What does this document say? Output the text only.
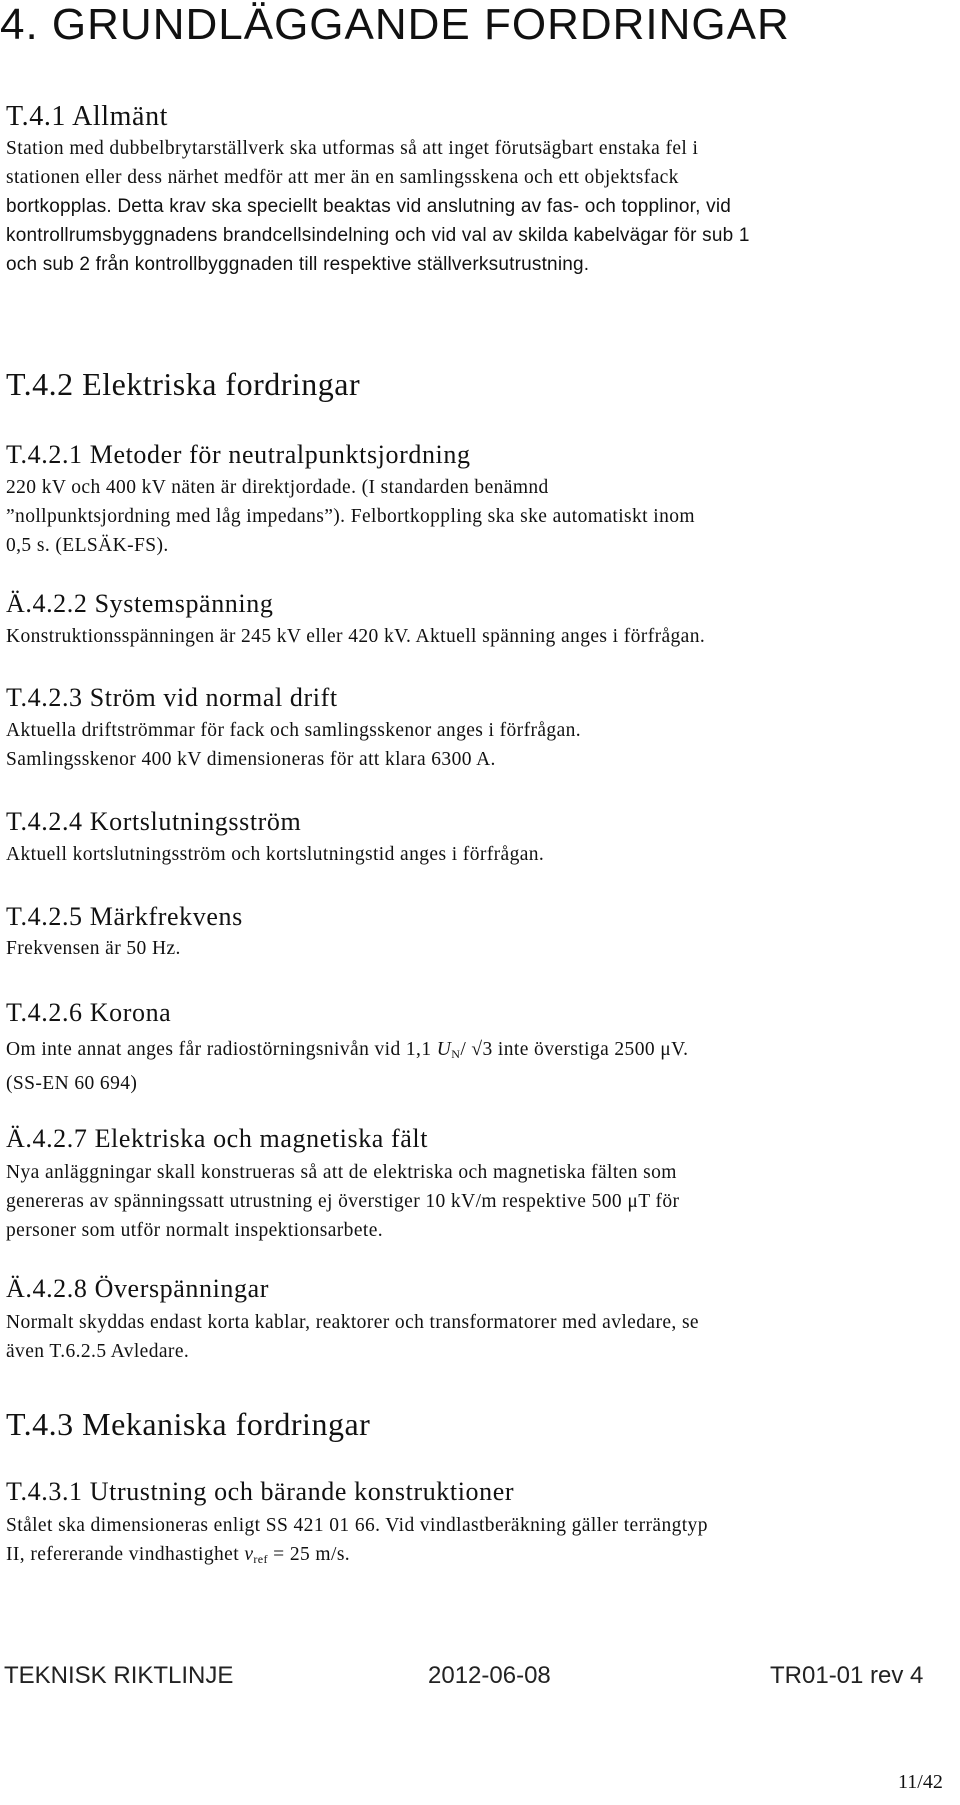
4. GRUNDLÄGGANDE FORDRINGAR
T.4.1 Allmänt
Station med dubbelbrytarställverk ska utformas så att inget förutsägbart enstaka fel i
stationen eller dess närhet medför att mer än en samlingsskena och ett objektsfack
bortkopplas. Detta krav ska speciellt beaktas vid anslutning av fas- och topplinor, vid
kontrollrumsbyggnadens brandcellsindelning och vid val av skilda kabelvägar för sub 1
och sub 2 från kontrollbyggnaden till respektive ställverksutrustning.
T.4.2 Elektriska fordringar
T.4.2.1 Metoder för neutralpunktsjordning
220 kV och 400 kV näten är direktjordade. (I standarden benämnd
”nollpunktsjordning med låg impedans”). Felbortkoppling ska ske automatiskt inom
0,5 s. (ELSÄK-FS).
Ä.4.2.2 Systemspänning
Konstruktionsspänningen är 245 kV eller 420 kV. Aktuell spänning anges i förfrågan.
T.4.2.3 Ström vid normal drift
Aktuella driftströmmar för fack och samlingsskenor anges i förfrågan.
Samlingsskenor 400 kV dimensioneras för att klara 6300 A.
T.4.2.4 Kortslutningsström
Aktuell kortslutningsström och kortslutningstid anges i förfrågan.
T.4.2.5 Märkfrekvens
Frekvensen är 50 Hz.
T.4.2.6 Korona
Om inte annat anges får radiostörningsnivån vid 1,1 $U_N/$ √3 inte överstiga 2500 μV.
(SS-EN 60 694)
Ä.4.2.7 Elektriska och magnetiska fält
Nya anläggningar skall konstrueras så att de elektriska och magnetiska fälten som
genereras av spänningssatt utrustning ej överstiger 10 kV/m respektive 500 μT för
personer som utför normalt inspektionsarbete.
Ä.4.2.8 Överspänningar
Normalt skyddas endast korta kablar, reaktorer och transformatorer med avledare, se
även T.6.2.5 Avledare.
T.4.3 Mekaniska fordringar
T.4.3.1 Utrustning och bärande konstruktioner
Stålet ska dimensioneras enligt SS 421 01 66. Vid vindlastberäkning gäller terrängtyp
II, refererande vindhastighet $v_{ref} = 25$ m/s.
TEKNISK RIKTLINJE	2012-06-08	TR01-01 rev 4
11/42
